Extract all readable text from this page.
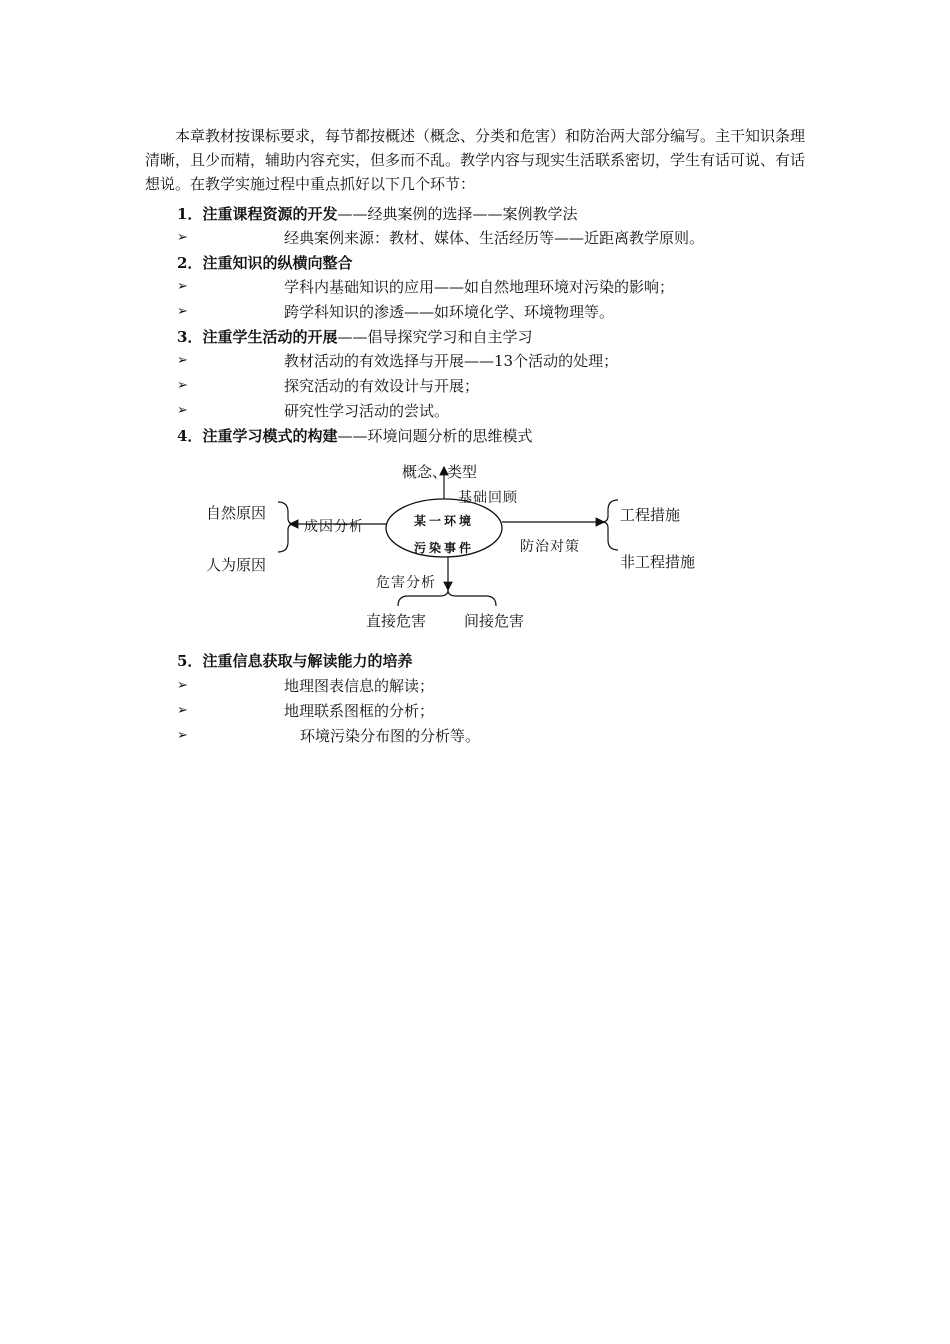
本章教材按课标要求，每节都按概述（概念、分类和危害）和防治两大部分编写。主干知识条理清晰，且少而精，辅助内容充实，但多而不乱。教学内容与现实生活联系密切，学生有话可说、有话想说。在教学实施过程中重点抓好以下几个环节：

1．注重课程资源的开发——经典案例的选择——案例教学法
➢	经典案例来源：教材、媒体、生活经历等——近距离教学原则。
2．注重知识的纵横向整合
➢	学科内基础知识的应用——如自然地理环境对污染的影响；
➢	跨学科知识的渗透——如环境化学、环境物理等。
3．注重学生活动的开展——倡导探究学习和自主学习
➢	教材活动的有效选择与开展——13个活动的处理；
➢	探究活动的有效设计与开展；
➢	研究性学习活动的尝试。
4．注重学习模式的构建——环境问题分析的思维模式
某一环境
污染事件
概念、类型
基础回顾
成因分析
自然原因
人为原因
防治对策
工程措施
非工程措施
危害分析
直接危害	间接危害
5．注重信息获取与解读能力的培养
➢	地理图表信息的解读；
➢	地理联系图框的分析；
➢	环境污染分布图的分析等。
